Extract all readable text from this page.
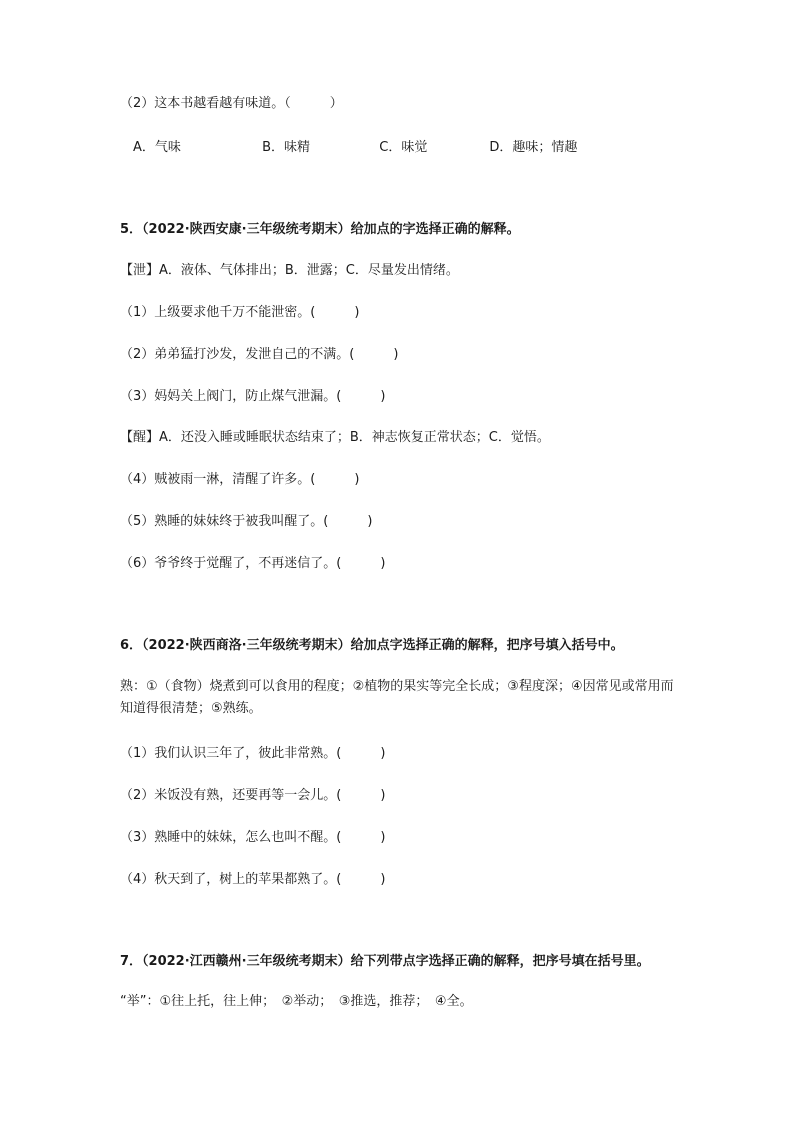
（2）这本书越看越有味道。（　　　）
A．气味	B．味精	C．味觉	D．趣味；情趣
5．（2022·陕西安康·三年级统考期末）给加点的字选择正确的解释。
【泄】A．液体、气体排出；B．泄露；C．尽量发出情绪。
（1）上级要求他千万不能泄密。(　　　)
（2）弟弟猛打沙发，发泄自己的不满。(　　　)
（3）妈妈关上阀门，防止煤气泄漏。(　　　)
【醒】A．还没入睡或睡眠状态结束了；B．神志恢复正常状态；C．觉悟。
（4）贼被雨一淋，清醒了许多。(　　　)
（5）熟睡的妹妹终于被我叫醒了。(　　　)
（6）爷爷终于觉醒了，不再迷信了。(　　　)
6．（2022·陕西商洛·三年级统考期末）给加点字选择正确的解释，把序号填入括号中。
熟：①（食物）烧煮到可以食用的程度；②植物的果实等完全长成；③程度深；④因常见或常用而知道得很清楚；⑤熟练。
（1）我们认识三年了，彼此非常熟。(　　　)
（2）米饭没有熟，还要再等一会儿。(　　　)
（3）熟睡中的妹妹，怎么也叫不醒。(　　　)
（4）秋天到了，树上的苹果都熟了。(　　　)
7．（2022·江西赣州·三年级统考期末）给下列带点字选择正确的解释，把序号填在括号里。
“举”：①往上托，往上伸；　②举动；　③推选，推荐；　④全。
